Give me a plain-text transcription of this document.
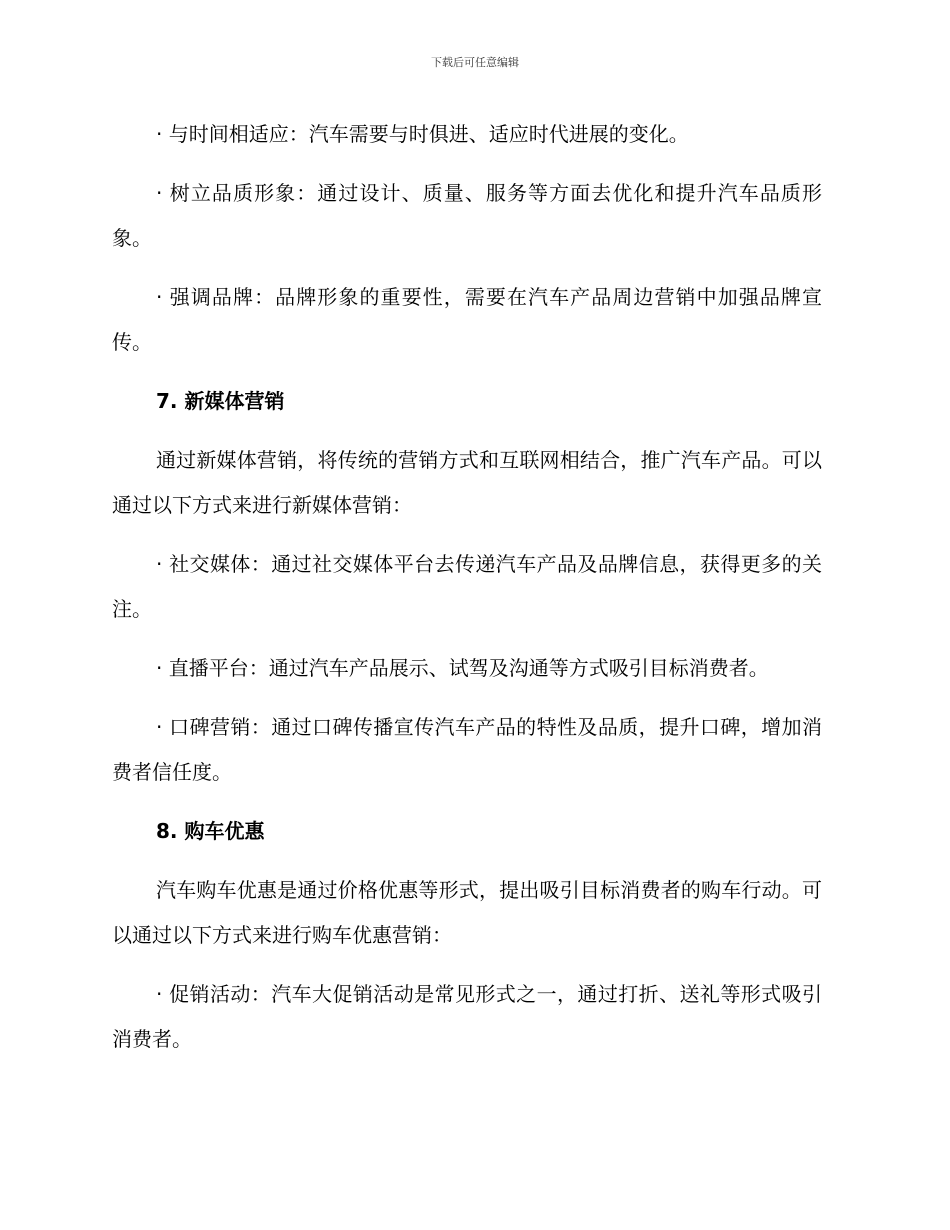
下载后可任意编辑

· 与时间相适应：汽车需要与时俱进、适应时代进展的变化。

· 树立品质形象：通过设计、质量、服务等方面去优化和提升汽车品质形象。

· 强调品牌：品牌形象的重要性，需要在汽车产品周边营销中加强品牌宣传。

7. 新媒体营销

通过新媒体营销，将传统的营销方式和互联网相结合，推广汽车产品。可以通过以下方式来进行新媒体营销：

· 社交媒体：通过社交媒体平台去传递汽车产品及品牌信息，获得更多的关注。

· 直播平台：通过汽车产品展示、试驾及沟通等方式吸引目标消费者。

· 口碑营销：通过口碑传播宣传汽车产品的特性及品质，提升口碑，增加消费者信任度。

8. 购车优惠

汽车购车优惠是通过价格优惠等形式，提出吸引目标消费者的购车行动。可以通过以下方式来进行购车优惠营销：

· 促销活动：汽车大促销活动是常见形式之一，通过打折、送礼等形式吸引消费者。
